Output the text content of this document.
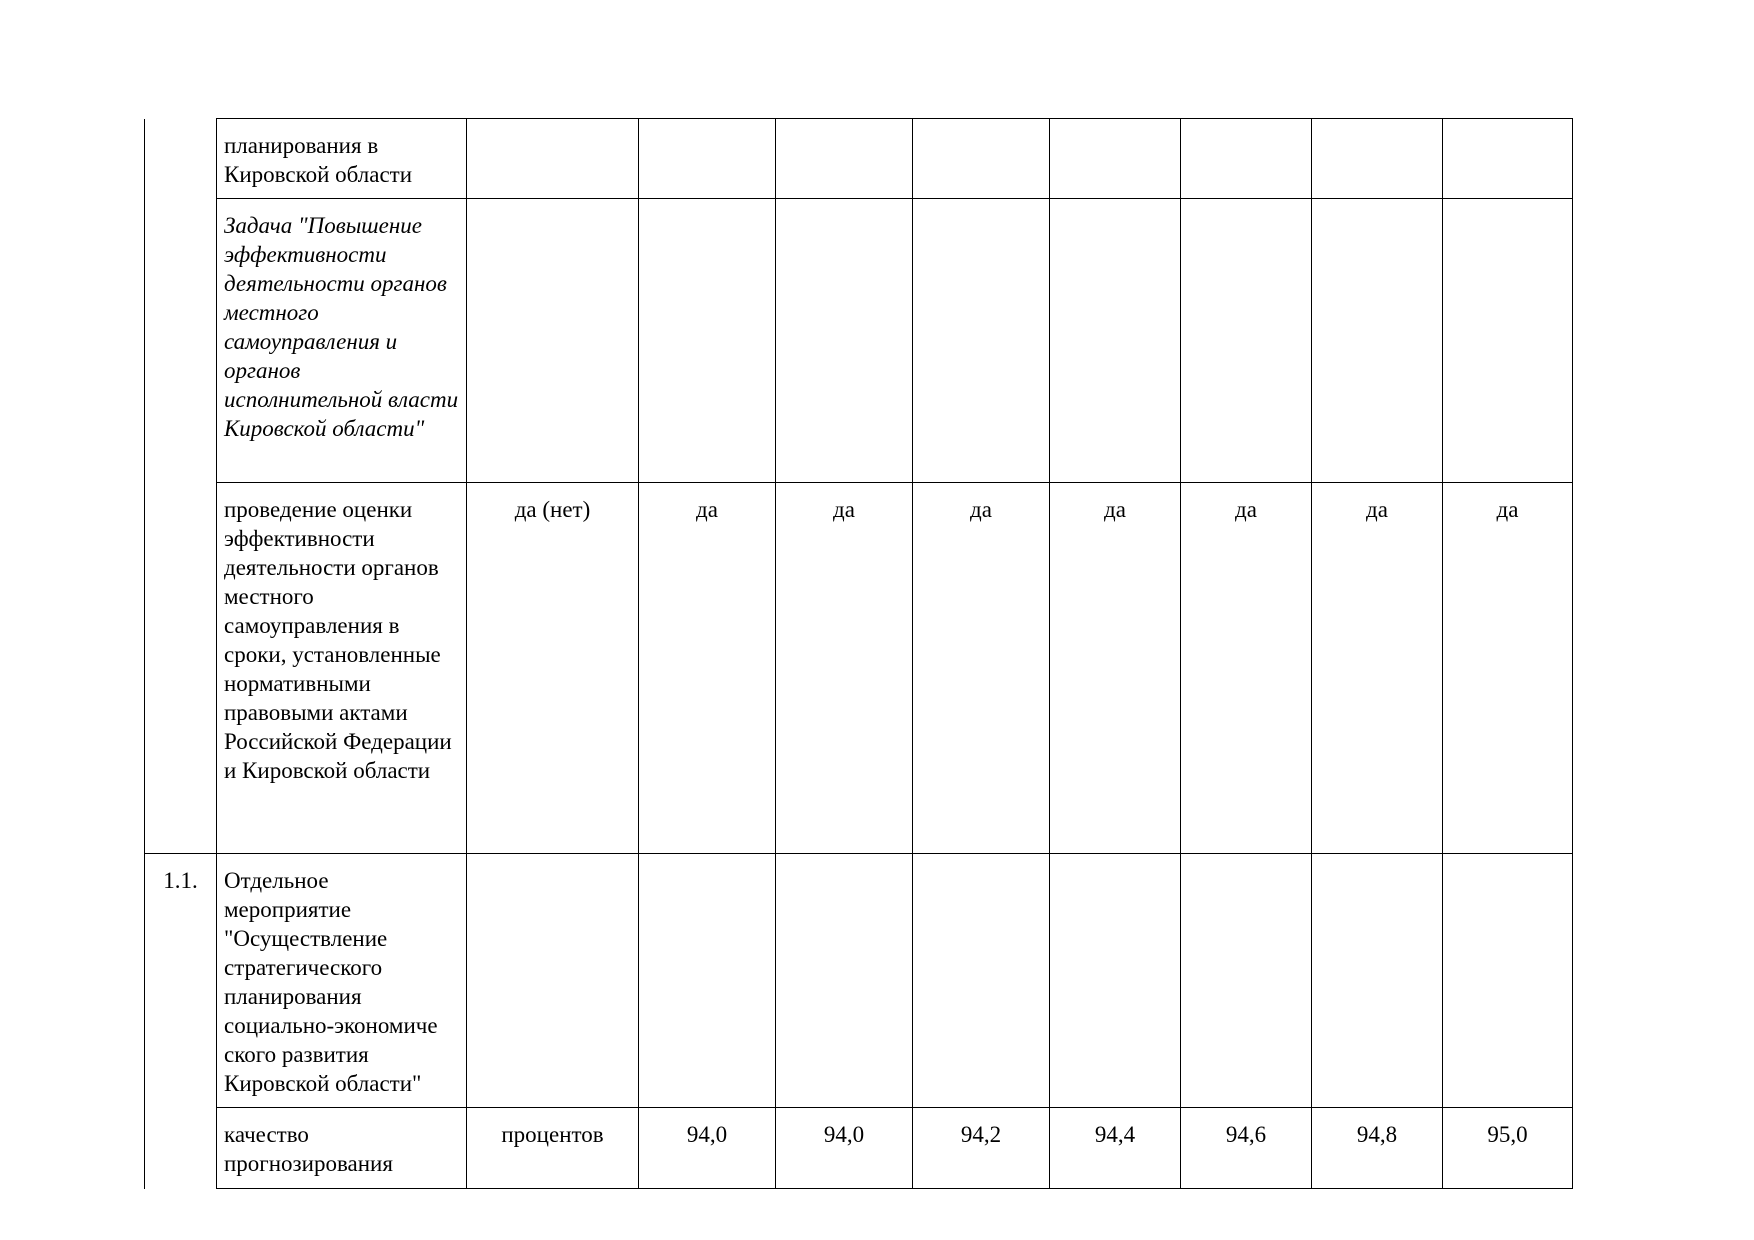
	планирования в Кировской области								
	Задача "Повышение эффективности деятельности органов местного самоуправления и органов исполнительной власти Кировской области"								
	проведение оценки эффективности деятельности органов местного самоуправления в сроки, установленные нормативными правовыми актами Российской Федерации и Кировской области	да (нет)	да	да	да	да	да	да	да
1.1.	Отдельное мероприятие "Осуществление стратегического планирования социально-экономиче ского развития Кировской области"								
	качество прогнозирования	процентов	94,0	94,0	94,2	94,4	94,6	94,8	95,0
